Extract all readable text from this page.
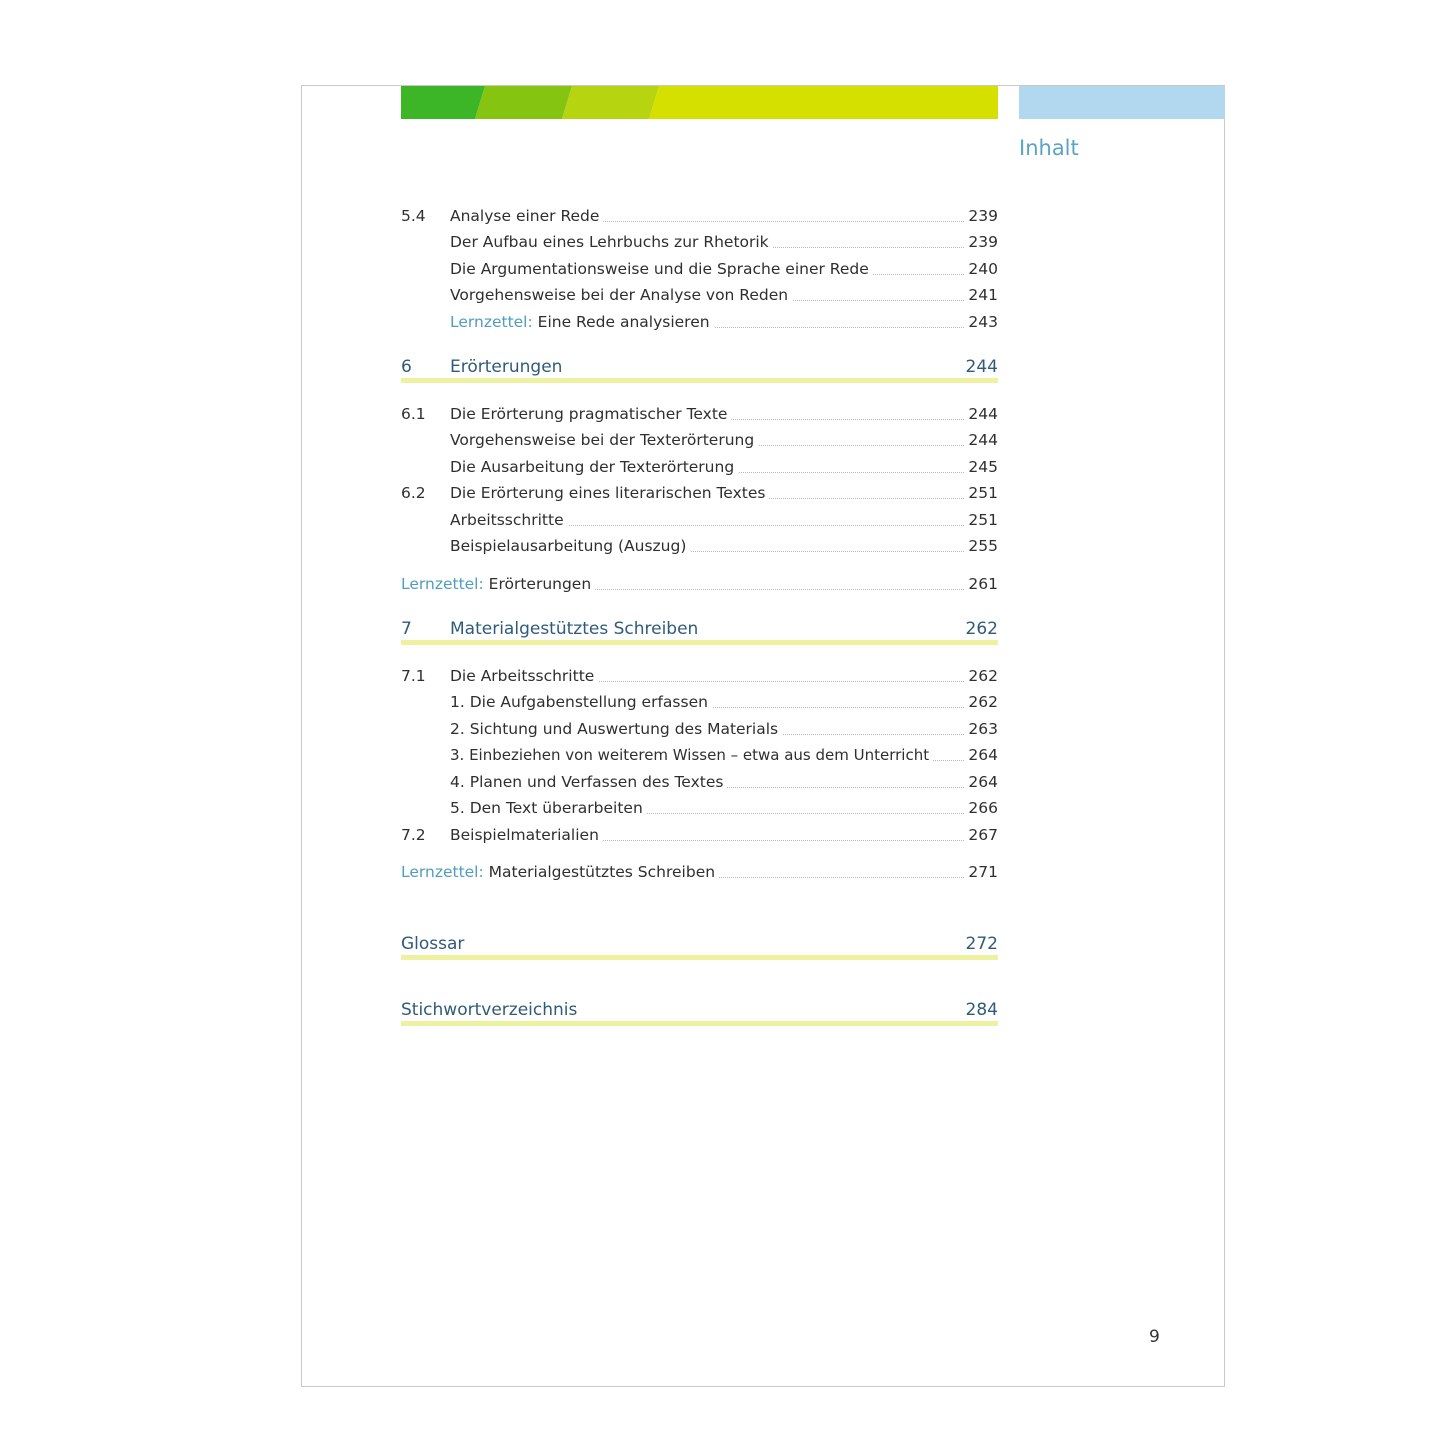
Inhalt
5.4 Analyse einer Rede	239
Der Aufbau eines Lehrbuchs zur Rhetorik	239
Die Argumentationsweise und die Sprache einer Rede	240
Vorgehensweise bei der Analyse von Reden	241
Lernzettel: Eine Rede analysieren	243
6 Erörterungen	244
6.1 Die Erörterung pragmatischer Texte	244
Vorgehensweise bei der Texterörterung	244
Die Ausarbeitung der Texterörterung	245
6.2 Die Erörterung eines literarischen Textes	251
Arbeitsschritte	251
Beispielausarbeitung (Auszug)	255
Lernzettel: Erörterungen	261
7 Materialgestütztes Schreiben	262
7.1 Die Arbeitsschritte	262
1. Die Aufgabenstellung erfassen	262
2. Sichtung und Auswertung des Materials	263
3. Einbeziehen von weiterem Wissen – etwa aus dem Unterricht	264
4. Planen und Verfassen des Textes	264
5. Den Text überarbeiten	266
7.2 Beispielmaterialien	267
Lernzettel: Materialgestütztes Schreiben	271
Glossar	272
Stichwortverzeichnis	284
9
